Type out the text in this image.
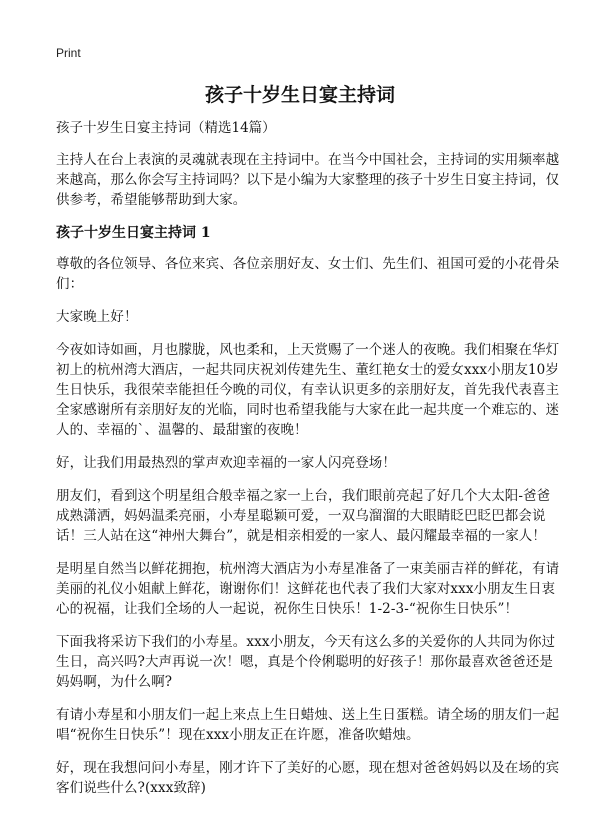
Print
孩子十岁生日宴主持词
孩子十岁生日宴主持词（精选14篇）

主持人在台上表演的灵魂就表现在主持词中。在当今中国社会，主持词的实用频率越来越高，那么你会写主持词吗？以下是小编为大家整理的孩子十岁生日宴主持词，仅供参考，希望能够帮助到大家。

孩子十岁生日宴主持词 1

尊敬的各位领导、各位来宾、各位亲朋好友、女士们、先生们、祖国可爱的小花骨朵们：

大家晚上好！

今夜如诗如画，月也朦胧，风也柔和，上天赏赐了一个迷人的夜晚。我们相聚在华灯初上的杭州湾大酒店，一起共同庆祝刘传建先生、董红艳女士的爱女xxx小朋友10岁生日快乐，我很荣幸能担任今晚的司仪，有幸认识更多的亲朋好友，首先我代表喜主全家感谢所有亲朋好友的光临，同时也希望我能与大家在此一起共度一个难忘的、迷人的、幸福的`、温馨的、最甜蜜的夜晚！

好，让我们用最热烈的掌声欢迎幸福的一家人闪亮登场！

朋友们，看到这个明星组合般幸福之家一上台，我们眼前亮起了好几个大太阳-爸爸成熟潇洒，妈妈温柔亮丽，小寿星聪颖可爱，一双乌溜溜的大眼睛眨巴眨巴都会说话！三人站在这“神州大舞台”，就是相亲相爱的一家人、最闪耀最幸福的一家人！

是明星自然当以鲜花拥抱，杭州湾大酒店为小寿星准备了一束美丽吉祥的鲜花，有请美丽的礼仪小姐献上鲜花，谢谢你们！这鲜花也代表了我们大家对xxx小朋友生日衷心的祝福，让我们全场的人一起说，祝你生日快乐！1-2-3-“祝你生日快乐”！

下面我将采访下我们的小寿星。xxx小朋友，今天有这么多的关爱你的人共同为你过生日，高兴吗?大声再说一次！嗯，真是个伶俐聪明的好孩子！那你最喜欢爸爸还是妈妈啊，为什么啊?

有请小寿星和小朋友们一起上来点上生日蜡烛、送上生日蛋糕。请全场的朋友们一起唱“祝你生日快乐”！现在xxx小朋友正在许愿，准备吹蜡烛。

好，现在我想问问小寿星，刚才许下了美好的心愿，现在想对爸爸妈妈以及在场的宾客们说些什么?(xxx致辞)
